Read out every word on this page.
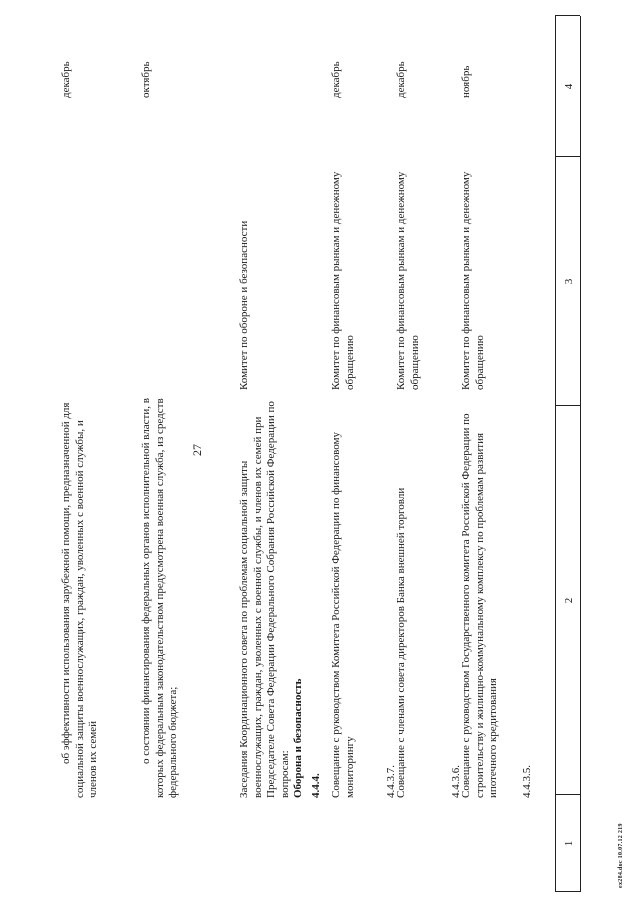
27
1
2
3
4
4.4.3.5.
Совещание с руководством Государственного комитета Российской Федерации по строительству и жилищно-коммунальному комплексу по проблемам развития ипотечного кредитования
Комитет по финансовым рынкам и денежному обращению
ноябрь
4.4.3.6.
Совещание с членами совета директоров Банка внешней торговли
Комитет по финансовым рынкам и денежному обращению
декабрь
4.4.3.7.
Совещание с руководством Комитета Российской Федерации по финансовому мониторингу
Комитет по финансовым рынкам и денежному обращению
декабрь
4.4.4.
Оборона и безопасность
Заседания Координационного совета по проблемам социальной защиты военнослужащих, граждан, уволенных с военной службы, и членов их семей при Председателе Совета Федерации Федерального Собрания Российской Федерации по вопросам:
Комитет по обороне и безопасности
о состоянии финансирования федеральных органов исполнительной власти, в которых федеральным законодательством предусмотрена военная служба, из средств федерального бюджета;
октябрь
об эффективности использования зарубежной помощи, предназначенной для социальной защиты военнослужащих, граждан, уволенных с военной службы, и членов их семей
декабрь
ex284.doc 10.07.12 219
